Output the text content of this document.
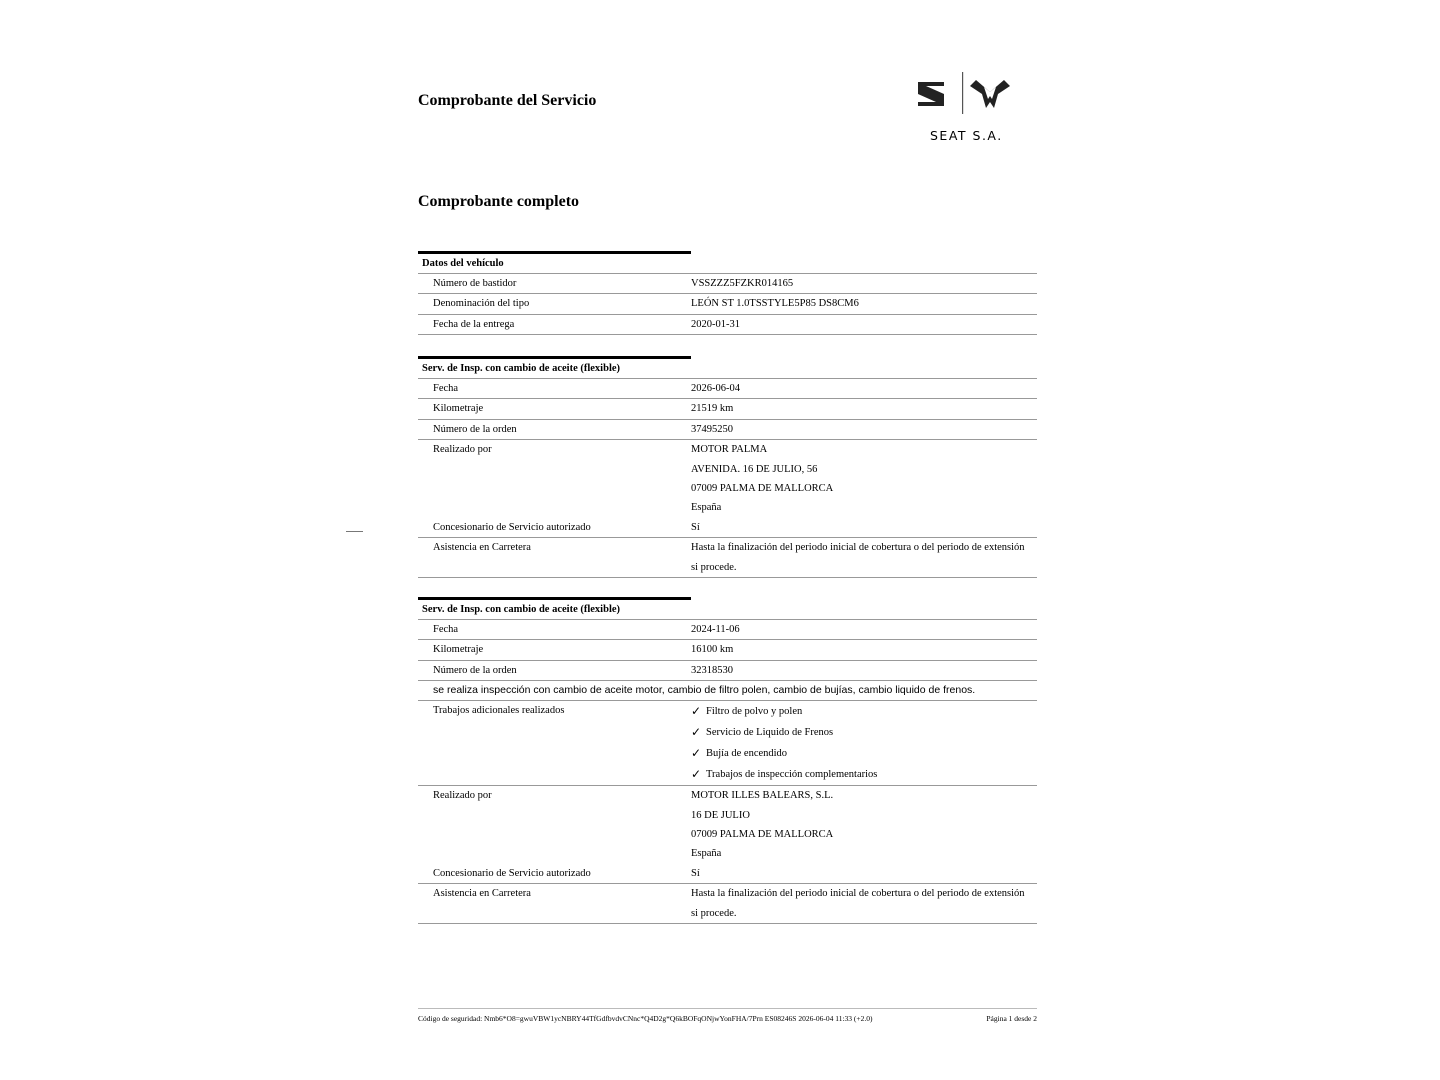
Comprobante del Servicio
SEAT S.A.
Comprobante completo
Datos del vehículo
Número de bastidor	VSSZZZ5FZKR014165
Denominación del tipo	LEÓN ST 1.0TSSTYLE5P85 DS8CM6
Fecha de la entrega	2020-01-31
Serv. de Insp. con cambio de aceite (flexible)
Fecha	2026-06-04
Kilometraje	21519 km
Número de la orden	37495250
Realizado por	MOTOR PALMA
AVENIDA. 16 DE JULIO, 56
07009 PALMA DE MALLORCA
España
Concesionario de Servicio autorizado	Sí
Asistencia en Carretera	Hasta la finalización del periodo inicial de cobertura o del periodo de extensión
si procede.
Serv. de Insp. con cambio de aceite (flexible)
Fecha	2024-11-06
Kilometraje	16100 km
Número de la orden	32318530
se realiza inspección con cambio de aceite motor, cambio de filtro polen, cambio de bujías, cambio liquido de frenos.
Trabajos adicionales realizados	✓ Filtro de polvo y polen
✓ Servicio de Liquido de Frenos
✓ Bujía de encendido
✓ Trabajos de inspección complementarios
Realizado por	MOTOR ILLES BALEARS, S.L.
16 DE JULIO
07009 PALMA DE MALLORCA
España
Concesionario de Servicio autorizado	Sí
Asistencia en Carretera	Hasta la finalización del periodo inicial de cobertura o del periodo de extensión
si procede.
Código de seguridad: Nmb6*O8=gwuVBW1ycNBRY44TfGdfbvdvCNnc*Q4D2g*Q6kBOFqONjwYonFHA/7Prn ES08246S 2026-06-04 11:33 (+2.0)	Página 1 desde 2
